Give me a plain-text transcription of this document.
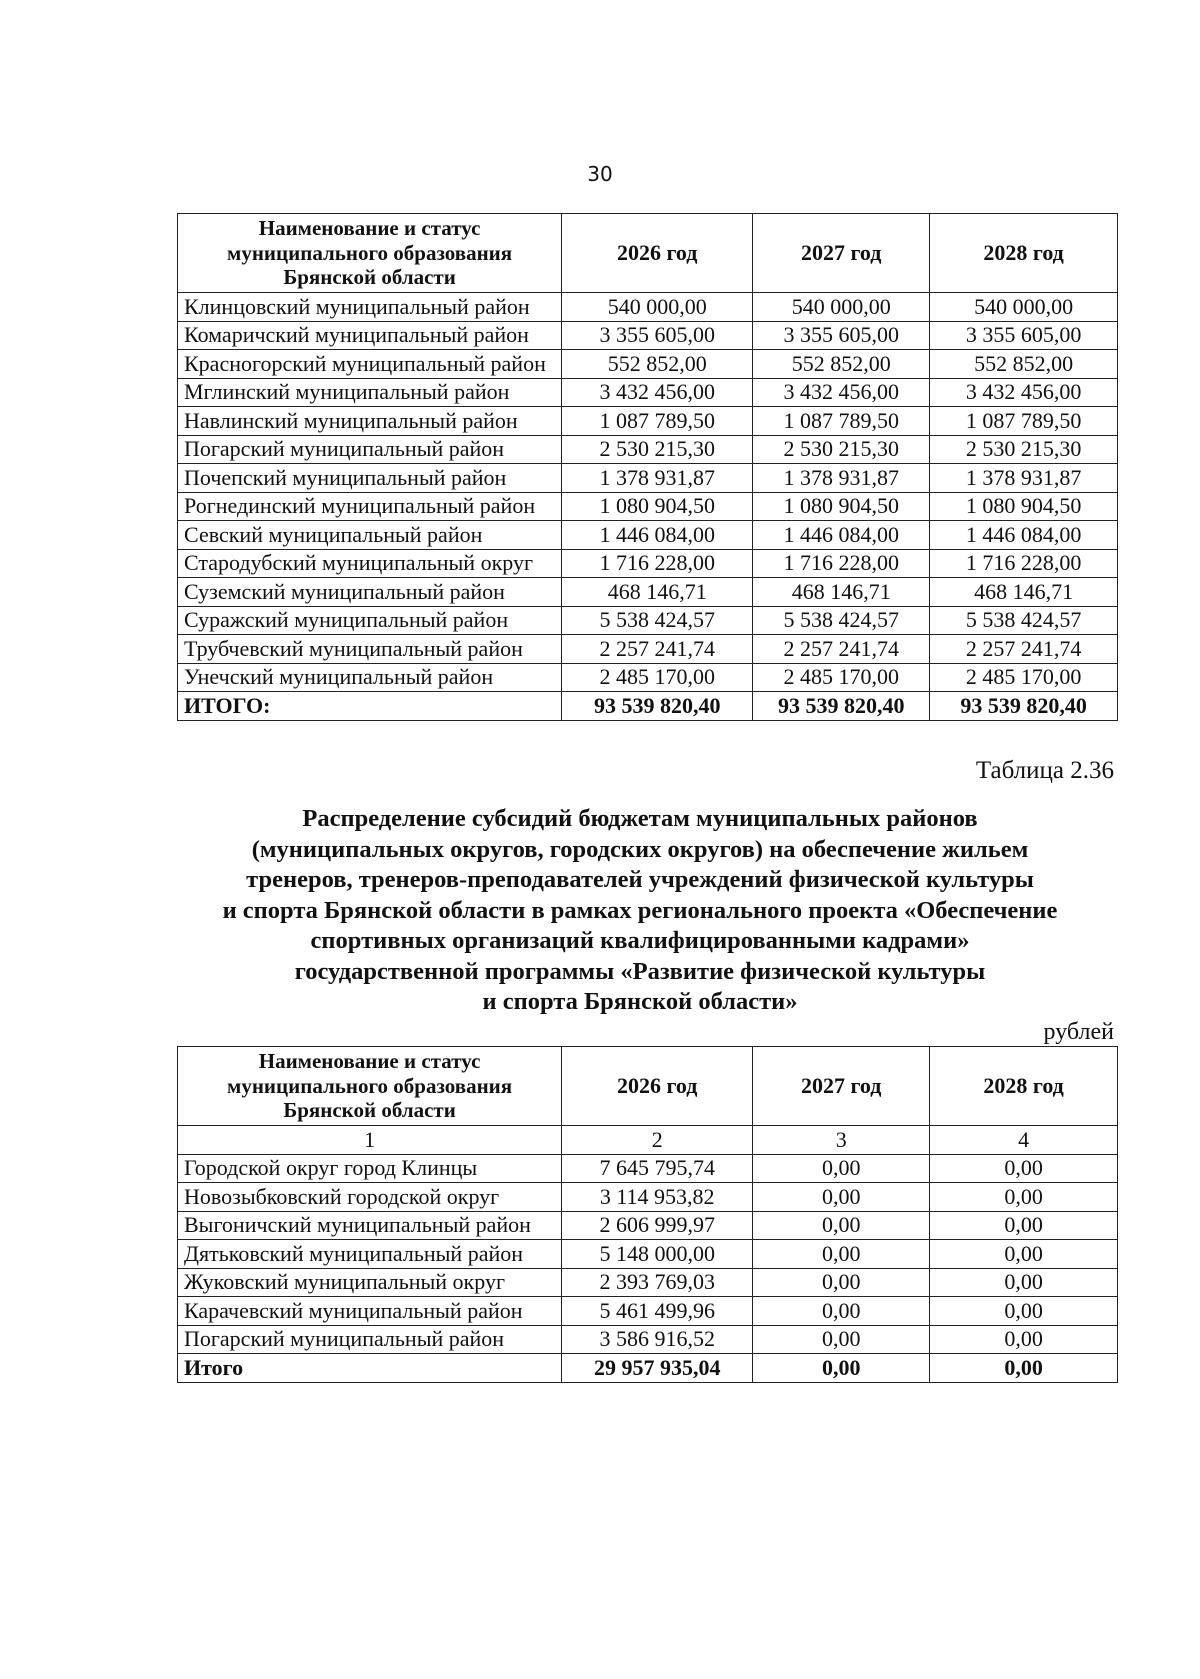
30
Наименование и статус муниципального образования Брянской области	2026 год	2027 год	2028 год
Клинцовский муниципальный район	540 000,00	540 000,00	540 000,00
Комаричский муниципальный район	3 355 605,00	3 355 605,00	3 355 605,00
Красногорский муниципальный район	552 852,00	552 852,00	552 852,00
Мглинский муниципальный район	3 432 456,00	3 432 456,00	3 432 456,00
Навлинский муниципальный район	1 087 789,50	1 087 789,50	1 087 789,50
Погарский муниципальный район	2 530 215,30	2 530 215,30	2 530 215,30
Почепский муниципальный район	1 378 931,87	1 378 931,87	1 378 931,87
Рогнединский муниципальный район	1 080 904,50	1 080 904,50	1 080 904,50
Севский муниципальный район	1 446 084,00	1 446 084,00	1 446 084,00
Стародубский муниципальный округ	1 716 228,00	1 716 228,00	1 716 228,00
Суземский муниципальный район	468 146,71	468 146,71	468 146,71
Суражский муниципальный район	5 538 424,57	5 538 424,57	5 538 424,57
Трубчевский муниципальный район	2 257 241,74	2 257 241,74	2 257 241,74
Унечский муниципальный район	2 485 170,00	2 485 170,00	2 485 170,00
ИТОГО:	93 539 820,40	93 539 820,40	93 539 820,40
Таблица 2.36
Распределение субсидий бюджетам муниципальных районов
(муниципальных округов, городских округов) на обеспечение жильем
тренеров, тренеров-преподавателей учреждений физической культуры
и спорта Брянской области в рамках регионального проекта «Обеспечение
спортивных организаций квалифицированными кадрами»
государственной программы «Развитие физической культуры
и спорта Брянской области»
рублей
Наименование и статус муниципального образования Брянской области	2026 год	2027 год	2028 год
1	2	3	4
Городской округ город Клинцы	7 645 795,74	0,00	0,00
Новозыбковский городской округ	3 114 953,82	0,00	0,00
Выгоничский муниципальный район	2 606 999,97	0,00	0,00
Дятьковский муниципальный район	5 148 000,00	0,00	0,00
Жуковский муниципальный округ	2 393 769,03	0,00	0,00
Карачевский муниципальный район	5 461 499,96	0,00	0,00
Погарский муниципальный район	3 586 916,52	0,00	0,00
Итого	29 957 935,04	0,00	0,00
